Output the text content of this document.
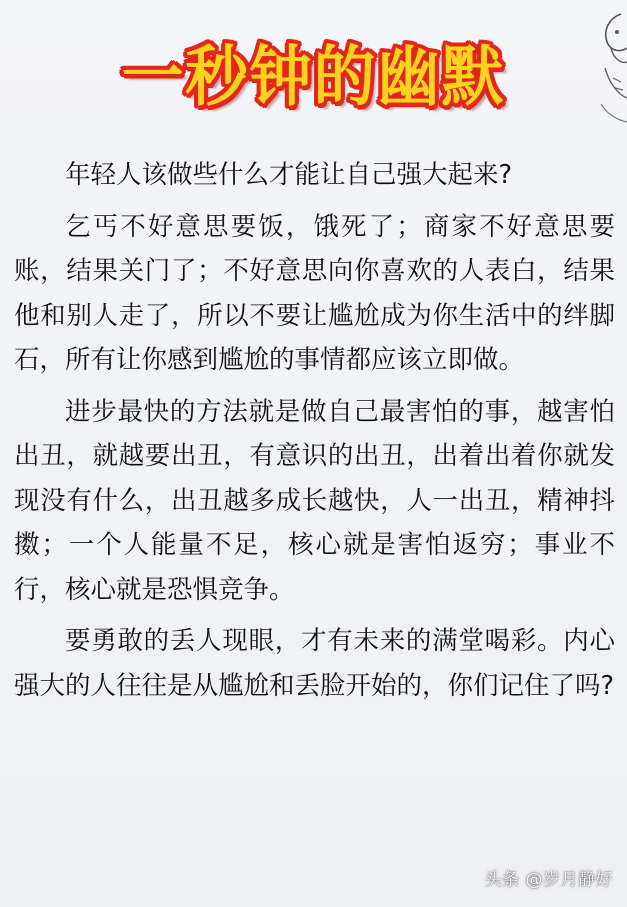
一秒钟的幽默

年轻人该做些什么才能让自己强大起来?

乞丐不好意思要饭，饿死了；商家不好意思要账，结果关门了；不好意思向你喜欢的人表白，结果他和别人走了，所以不要让尴尬成为你生活中的绊脚石，所有让你感到尴尬的事情都应该立即做。

进步最快的方法就是做自己最害怕的事，越害怕出丑，就越要出丑，有意识的出丑，出着出着你就发现没有什么，出丑越多成长越快，人一出丑，精神抖擞；一个人能量不足，核心就是害怕返穷；事业不行，核心就是恐惧竞争。

要勇敢的丢人现眼，才有未来的满堂喝彩。内心强大的人往往是从尴尬和丢脸开始的，你们记住了吗?

头条 @岁月静好
